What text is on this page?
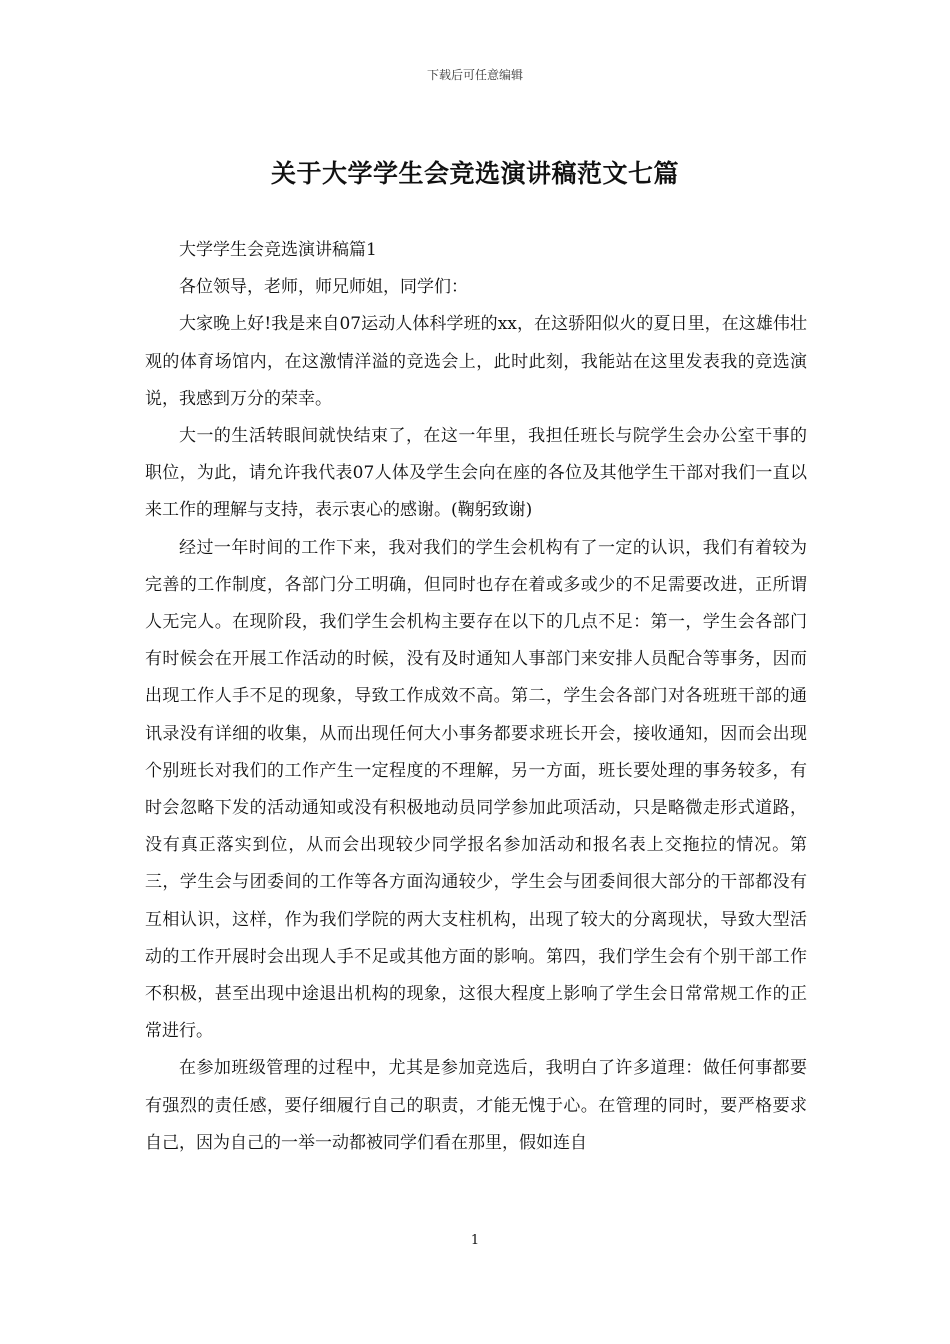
下载后可任意编辑
关于大学学生会竞选演讲稿范文七篇

大学学生会竞选演讲稿篇1

各位领导，老师，师兄师姐，同学们：

大家晚上好!我是来自07运动人体科学班的xx，在这骄阳似火的夏日里，在这雄伟壮观的体育场馆内，在这激情洋溢的竞选会上，此时此刻，我能站在这里发表我的竞选演说，我感到万分的荣幸。

大一的生活转眼间就快结束了，在这一年里，我担任班长与院学生会办公室干事的职位，为此，请允许我代表07人体及学生会向在座的各位及其他学生干部对我们一直以来工作的理解与支持，表示衷心的感谢。(鞠躬致谢)

经过一年时间的工作下来，我对我们的学生会机构有了一定的认识，我们有着较为完善的工作制度，各部门分工明确，但同时也存在着或多或少的不足需要改进，正所谓人无完人。在现阶段，我们学生会机构主要存在以下的几点不足：第一，学生会各部门有时候会在开展工作活动的时候，没有及时通知人事部门来安排人员配合等事务，因而出现工作人手不足的现象，导致工作成效不高。第二，学生会各部门对各班班干部的通讯录没有详细的收集，从而出现任何大小事务都要求班长开会，接收通知，因而会出现个别班长对我们的工作产生一定程度的不理解，另一方面，班长要处理的事务较多，有时会忽略下发的活动通知或没有积极地动员同学参加此项活动，只是略微走形式道路，没有真正落实到位，从而会出现较少同学报名参加活动和报名表上交拖拉的情况。第三，学生会与团委间的工作等各方面沟通较少，学生会与团委间很大部分的干部都没有互相认识，这样，作为我们学院的两大支柱机构，出现了较大的分离现状，导致大型活动的工作开展时会出现人手不足或其他方面的影响。第四，我们学生会有个别干部工作不积极，甚至出现中途退出机构的现象，这很大程度上影响了学生会日常常规工作的正常进行。

在参加班级管理的过程中，尤其是参加竞选后，我明白了许多道理：做任何事都要有强烈的责任感，要仔细履行自己的职责，才能无愧于心。在管理的同时，要严格要求自己，因为自己的一举一动都被同学们看在那里，假如连自

1
